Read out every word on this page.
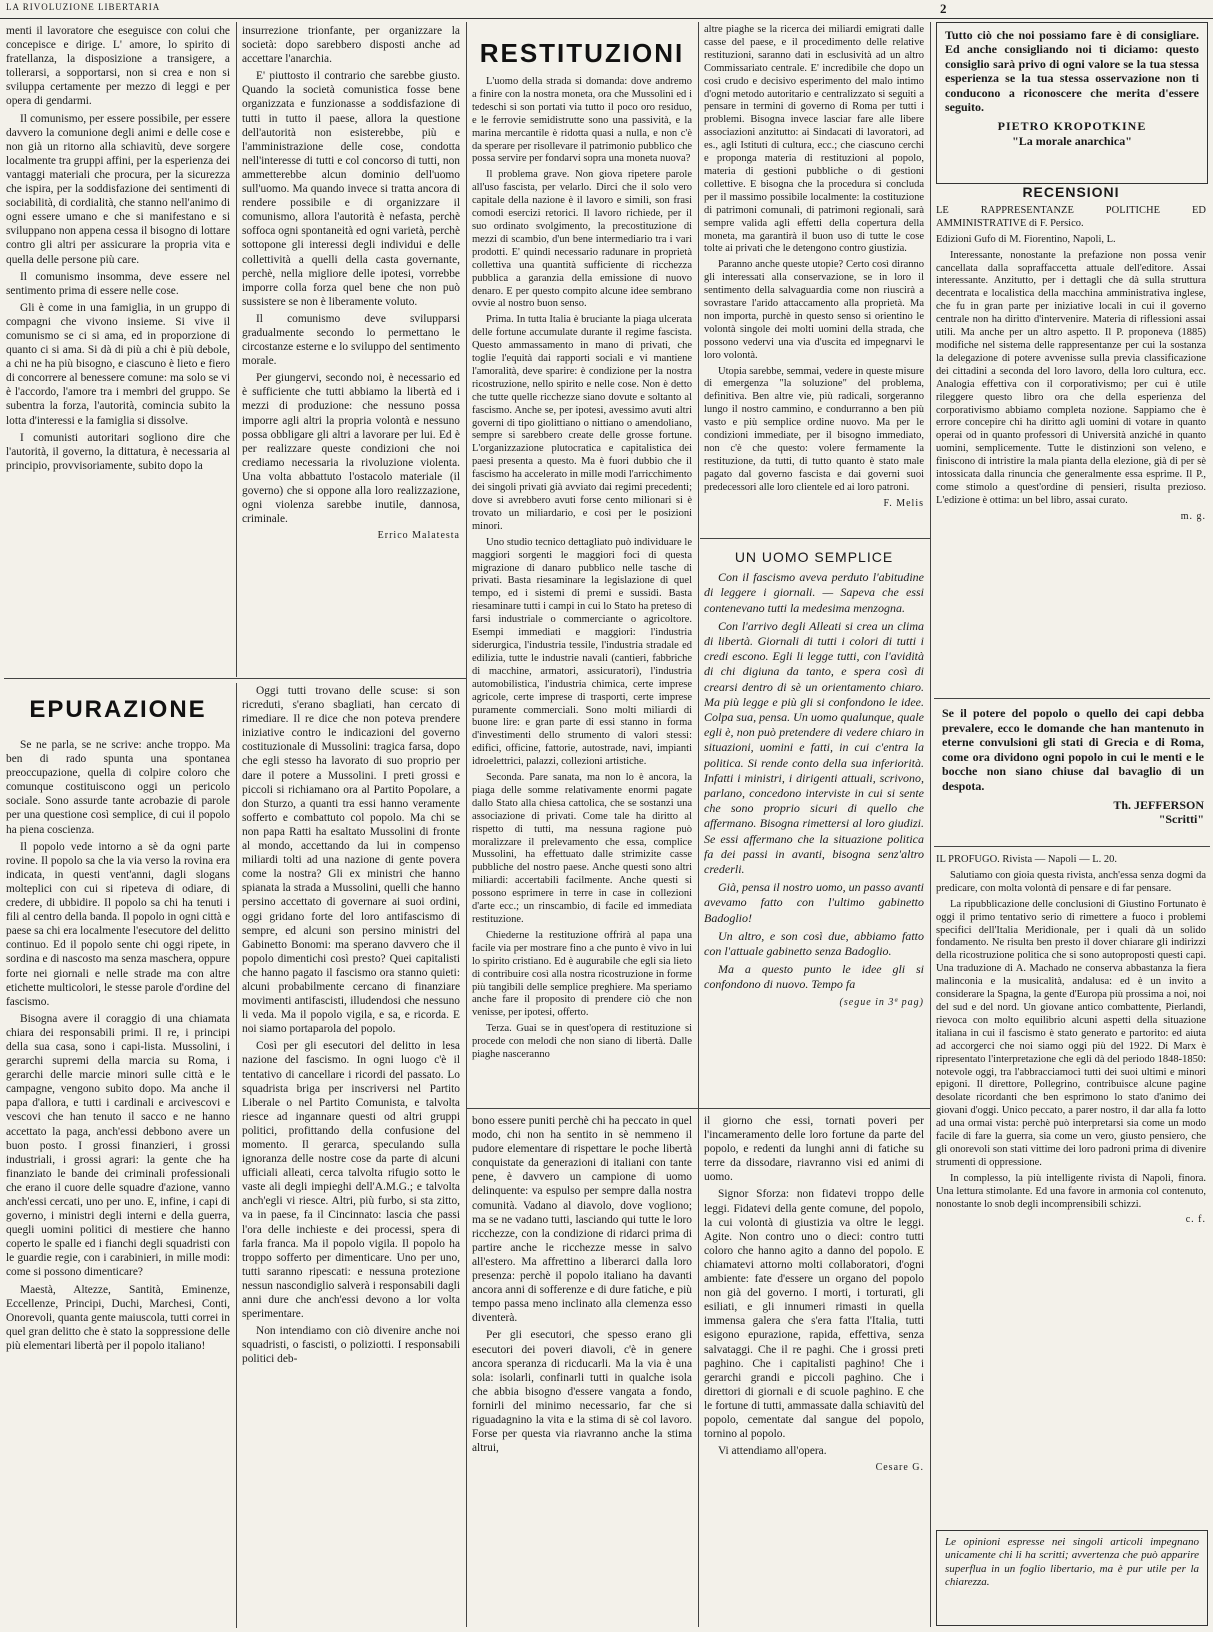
LA RIVOLUZIONE LIBERTARIA	2

menti il lavoratore che eseguisce con colui che concepisce e dirige. L' amore, lo spirito di fratellanza, la disposizione a transigere, a tollerarsi, a sopportarsi, non si crea e non si sviluppa certamente per mezzo di leggi e per opera di gendarmi.

Il comunismo, per essere possibile, per essere davvero la comunione degli animi e delle cose e non già un ritorno alla schiavitù, deve sorgere localmente tra gruppi affini, per la esperienza dei vantaggi materiali che procura, per la sicurezza che ispira, per la soddisfazione dei sentimenti di sociabilità, di cordialità, che stanno nell'animo di ogni essere umano e che si manifestano e si sviluppano non appena cessa il bisogno di lottare contro gli altri per assicurare la propria vita e quella delle persone più care.

Il comunismo insomma, deve essere nel sentimento prima di essere nelle cose.

Gli è come in una famiglia, in un gruppo di compagni che vivono insieme. Si vive il comunismo se ci si ama, ed in proporzione di quanto ci si ama. Si dà di più a chi è più debole, a chi ne ha più bisogno, e ciascuno è lieto e fiero di concorrere al benessere comune: ma solo se vi è l'accordo, l'amore tra i membri del gruppo. Se subentra la forza, l'autorità, comincia subito la lotta d'interessi e la famiglia si dissolve.

I comunisti autoritari sogliono dire che l'autorità, il governo, la dittatura, è necessaria al principio, provvisoriamente, subito dopo la

insurrezione trionfante, per organizzare la società: dopo sarebbero disposti anche ad accettare l'anarchia.

E' piuttosto il contrario che sarebbe giusto. Quando la società comunistica fosse bene organizzata e funzionasse a soddisfazione di tutti in tutto il paese, allora la questione dell'autorità non esisterebbe, più e l'amministrazione delle cose, condotta nell'interesse di tutti e col concorso di tutti, non ammetterebbe alcun dominio dell'uomo sull'uomo. Ma quando invece si tratta ancora di rendere possibile e di organizzare il comunismo, allora l'autorità è nefasta, perchè soffoca ogni spontaneità ed ogni varietà, perchè sottopone gli interessi degli individui e delle collettività a quelli della casta governante, perchè, nella migliore delle ipotesi, vorrebbe imporre colla forza quel bene che non può sussistere se non è liberamente voluto.

Il comunismo deve svilupparsi gradualmente secondo lo permettano le circostanze esterne e lo sviluppo del sentimento morale.

Per giungervi, secondo noi, è necessario ed è sufficiente che tutti abbiamo la libertà ed i mezzi di produzione: che nessuno possa imporre agli altri la propria volontà e nessuno possa obbligare gli altri a lavorare per lui. Ed è per realizzare queste condizioni che noi crediamo necessaria la rivoluzione violenta. Una volta abbattuto l'ostacolo materiale (il governo) che si oppone alla loro realizzazione, ogni violenza sarebbe inutile, dannosa, criminale.

Errico Malatesta
RESTITUZIONI

L'uomo della strada si domanda: dove andremo a finire con la nostra moneta, ora che Mussolini ed i tedeschi si son portati via tutto il poco oro residuo, e le ferrovie semidistrutte sono una passività, e la marina mercantile è ridotta quasi a nulla, e non c'è da sperare per risollevare il patrimonio pubblico che possa servire per fondarvi sopra una moneta nuova?

Il problema grave. Non giova ripetere parole all'uso fascista, per velarlo. Dirci che il solo vero capitale della nazione è il lavoro e simili, son frasi comodi esercizi retorici. Il lavoro richiede, per il suo ordinato svolgimento, la precostituzione di mezzi di scambio, d'un bene intermediario tra i vari prodotti. E' quindi necessario radunare in proprietà collettiva una quantità sufficiente di ricchezza pubblica a garanzia della emissione di nuovo denaro. E per questo compito alcune idee sembrano ovvie al nostro buon senso.

Prima. In tutta Italia è bruciante la piaga ulcerata delle fortune accumulate durante il regime fascista. Questo ammassamento in mano di privati, che toglie l'equità dai rapporti sociali e vi mantiene l'amoralità, deve sparire: è condizione per la nostra ricostruzione, nello spirito e nelle cose. Non è detto che tutte quelle ricchezze siano dovute e soltanto al fascismo. Anche se, per ipotesi, avessimo avuti altri governi di tipo giolittiano o nittiano o amendoliano, sempre si sarebbero create delle grosse fortune. L'organizzazione plutocratica e capitalistica dei paesi presenta a questo. Ma è fuori dubbio che il fascismo ha accelerato in mille modi l'arricchimento dei singoli privati già avviato dai regimi precedenti; dove si avrebbero avuti forse cento milionari si è trovato un miliardario, e così per le posizioni minori.

Uno studio tecnico dettagliato può individuare le maggiori sorgenti le maggiori foci di questa migrazione di danaro pubblico nelle tasche di privati. Basta riesaminare la legislazione di quel tempo, ed i sistemi di premi e sussidi. Basta riesaminare tutti i campi in cui lo Stato ha preteso di farsi industriale o commerciante o agricoltore. Esempi immediati e maggiori: l'industria siderurgica, l'industria tessile, l'industria stradale ed edilizia, tutte le industrie navali (cantieri, fabbriche di macchine, armatori, assicuratori), l'industria automobilistica, l'industria chimica, certe imprese agricole, certe imprese di trasporti, certe imprese puramente commerciali. Sono molti miliardi di buone lire: e gran parte di essi stanno in forma d'investimenti dello strumento di valori stessi: edifici, officine, fattorie, autostrade, navi, impianti idroelettrici, palazzi, collezioni artistiche.

Seconda. Pare sanata, ma non lo è ancora, la piaga delle somme relativamente enormi pagate dallo Stato alla chiesa cattolica, che se sostanzi una associazione di privati. Come tale ha diritto al rispetto di tutti, ma nessuna ragione può moralizzare il prelevamento che essa, complice Mussolini, ha effettuato dalle strimizite casse pubbliche del nostro paese. Anche questi sono altri miliardi: accertabili facilmente. Anche questi si possono esprimere in terre in case in collezioni d'arte ecc.; un rinscambio, di facile ed immediata restituzione.

Chiederne la restituzione offrirà al papa una facile via per mostrare fino a che punto è vivo in lui lo spirito cristiano. Ed è augurabile che egli sia lieto di contribuire così alla nostra ricostruzione in forme più tangibili delle semplice preghiere. Ma speriamo anche fare il proposito di prendere ciò che non venisse, per ipotesi, offerto.

Terza. Guai se in quest'opera di restituzione si procede con melodi che non siano di libertà. Dalle piaghe nasceranno

altre piaghe se la ricerca dei miliardi emigrati dalle casse del paese, e il procedimento delle relative restituzioni, saranno dati in esclusività ad un altro Commissariato centrale. E' incredibile che dopo un così crudo e decisivo esperimento del malo intimo d'ogni metodo autoritario e centralizzato si seguiti a pensare in termini di governo di Roma per tutti i problemi. Bisogna invece lasciar fare alle libere associazioni anzitutto: ai Sindacati di lavoratori, ad es., agli Istituti di cultura, ecc.; che ciascuno cerchi e proponga materia di restituzioni al popolo, materia di gestioni pubbliche o di gestioni collettive. E bisogna che la procedura si concluda per il massimo possibile localmente: la costituzione di patrimoni comunali, di patrimoni regionali, sarà sempre valida agli effetti della copertura della moneta, ma garantirà il buon uso di tutte le cose tolte ai privati che le detengono contro giustizia.

Paranno anche queste utopie? Certo così diranno gli interessati alla conservazione, se in loro il sentimento della salvaguardia come non riuscirà a sovrastare l'arido attaccamento alla proprietà. Ma non importa, purchè in questo senso si orientino le volontà singole dei molti uomini della strada, che possono vedervi una via d'uscita ed impegnarvi le loro volontà.

Utopia sarebbe, semmai, vedere in queste misure di emergenza "la soluzione" del problema, definitiva. Ben altre vie, più radicali, sorgeranno lungo il nostro cammino, e condurranno a ben più vasto e più semplice ordine nuovo. Ma per le condizioni immediate, per il bisogno immediato, non c'è che questo: volere fermamente la restituzione, da tutti, di tutto quanto è stato male pagato dal governo fascista e dai governi suoi predecessori alle loro clientele ed ai loro patroni.

F. Melis
UN UOMO SEMPLICE

Con il fascismo aveva perduto l'abitudine di leggere i giornali. — Sapeva che essi contenevano tutti la medesima menzogna.

Con l'arrivo degli Alleati si crea un clima di libertà. Giornali di tutti i colori di tutti i credi escono. Egli li legge tutti, con l'avidità di chi digiuna da tanto, e spera così di crearsi dentro di sè un orientamento chiaro. Ma più legge e più gli si confondono le idee. Colpa sua, pensa. Un uomo qualunque, quale egli è, non può pretendere di vedere chiaro in situazioni, uomini e fatti, in cui c'entra la politica. Si rende conto della sua inferiorità. Infatti i ministri, i dirigenti attuali, scrivono, parlano, concedono interviste in cui si sente che sono proprio sicuri di quello che affermano. Bisogna rimettersi al loro giudizi. Se essi affermano che la situazione politica fa dei passi in avanti, bisogna senz'altro crederli.

Già, pensa il nostro uomo, un passo avanti avevamo fatto con l'ultimo gabinetto Badoglio!

Un altro, e son così due, abbiamo fatto con l'attuale gabinetto senza Badoglio.

Ma a questo punto le idee gli si confondono di nuovo. Tempo fa

(segue in 3ª pag)
EPURAZIONE

Se ne parla, se ne scrive: anche troppo. Ma ben di rado spunta una spontanea preoccupazione, quella di colpire coloro che comunque costituiscono oggi un pericolo sociale. Sono assurde tante acrobazie di parole per una questione così semplice, di cui il popolo ha piena coscienza.

Il popolo vede intorno a sè da ogni parte rovine. Il popolo sa che la via verso la rovina era indicata, in questi vent'anni, dagli slogans molteplici con cui si ripeteva di odiare, di credere, di ubbidire. Il popolo sa chi ha tenuti i fili al centro della banda. Il popolo in ogni città e paese sa chi era localmente l'esecutore del delitto continuo. Ed il popolo sente chi oggi ripete, in sordina e di nascosto ma senza maschera, oppure forte nei giornali e nelle strade ma con altre etichette multicolori, le stesse parole d'ordine del fascismo.

Bisogna avere il coraggio di una chiamata chiara dei responsabili primi. Il re, i principi della sua casa, sono i capi-lista. Mussolini, i gerarchi supremi della marcia su Roma, i gerarchi delle marcie minori sulle città e le campagne, vengono subito dopo. Ma anche il papa d'allora, e tutti i cardinali e arcivescovi e vescovi che han tenuto il sacco e ne hanno accettato la paga, anch'essi debbono avere un buon posto. I grossi finanzieri, i grossi industriali, i grossi agrari: la gente che ha finanziato le bande dei criminali professionali che erano il cuore delle squadre d'azione, vanno anch'essi cercati, uno per uno. E, infine, i capi di governo, i ministri degli interni e della guerra, quegli uomini politici di mestiere che hanno coperto le spalle ed i fianchi degli squadristi con le guardie regie, con i carabinieri, in mille modi: come si possono dimenticare?

Maestà, Altezze, Santità, Eminenze, Eccellenze, Principi, Duchi, Marchesi, Conti, Onorevoli, quanta gente maiuscola, tutti correi in quel gran delitto che è stato la soppressione delle più elementari libertà per il popolo italiano!

Oggi tutti trovano delle scuse: si son ricreduti, s'erano sbagliati, han cercato di rimediare. Il re dice che non poteva prendere iniziative contro le indicazioni del governo costituzionale di Mussolini: tragica farsa, dopo che egli stesso ha lavorato di suo proprio per dare il potere a Mussolini. I preti grossi e piccoli si richiamano ora al Partito Popolare, a don Sturzo, a quanti tra essi hanno veramente sofferto e combattuto col popolo. Ma chi se non papa Ratti ha esaltato Mussolini di fronte al mondo, accettando da lui in compenso miliardi tolti ad una nazione di gente povera come la nostra? Gli ex ministri che hanno spianata la strada a Mussolini, quelli che hanno persino accettato di governare ai suoi ordini, oggi gridano forte del loro antifascismo di sempre, ed alcuni son persino ministri del Gabinetto Bonomi: ma sperano davvero che il popolo dimentichi così presto? Quei capitalisti che hanno pagato il fascismo ora stanno quieti: alcuni probabilmente cercano di finanziare movimenti antifascisti, illudendosi che nessuno li veda. Ma il popolo vigila, e sa, e ricorda. E noi siamo portaparola del popolo.

Così per gli esecutori del delitto in lesa nazione del fascismo. In ogni luogo c'è il tentativo di cancellare i ricordi del passato. Lo squadrista briga per inscriversi nel Partito Liberale o nel Partito Comunista, e talvolta riesce ad ingannare questi od altri gruppi politici, profittando della confusione del momento. Il gerarca, speculando sulla ignoranza delle nostre cose da parte di alcuni ufficiali alleati, cerca talvolta rifugio sotto le vaste ali degli impieghi dell'A.M.G.; e talvolta anch'egli vi riesce. Altri, più furbo, si sta zitto, va in paese, fa il Cincinnato: lascia che passi l'ora delle inchieste e dei processi, spera di farla franca. Ma il popolo vigila. Il popolo ha troppo sofferto per dimenticare. Uno per uno, tutti saranno ripescati: e nessuna protezione nessun nascondiglio salverà i responsabili dagli anni dure che anch'essi devono a lor volta sperimentare.

Non intendiamo con ciò divenire anche noi squadristi, o fascisti, o poliziotti. I responsabili politici deb-

bono essere puniti perchè chi ha peccato in quel modo, chi non ha sentito in sè nemmeno il pudore elementare di rispettare le poche libertà conquistate da generazioni di italiani con tante pene, è davvero un campione di uomo delinquente: va espulso per sempre dalla nostra comunità. Vadano al diavolo, dove vogliono; ma se ne vadano tutti, lasciando qui tutte le loro ricchezze, con la condizione di ridarci prima di partire anche le ricchezze messe in salvo all'estero. Ma affrettino a liberarci dalla loro presenza: perchè il popolo italiano ha davanti ancora anni di sofferenze e di dure fatiche, e più tempo passa meno inclinato alla clemenza esso diventerà.

Per gli esecutori, che spesso erano gli esecutori dei poveri diavoli, c'è in genere ancora speranza di ricducarli. Ma la via è una sola: isolarli, confinarli tutti in qualche isola che abbia bisogno d'essere vangata a fondo, fornirli del minimo necessario, far che si riguadagnino la vita e la stima di sè col lavoro. Forse per questa via riavranno anche la stima altrui,

il giorno che essi, tornati poveri per l'incameramento delle loro fortune da parte del popolo, e redenti da lunghi anni di fatiche su terre da dissodare, riavranno visi ed animi di uomo.

Signor Sforza: non fidatevi troppo delle leggi. Fidatevi della gente comune, del popolo, la cui volontà di giustizia va oltre le leggi. Agite. Non contro uno o dieci: contro tutti coloro che hanno agito a danno del popolo. E chiamatevi attorno molti collaboratori, d'ogni ambiente: fate d'essere un organo del popolo non già del governo. I morti, i torturati, gli esiliati, e gli innumeri rimasti in quella immensa galera che s'era fatta l'Italia, tutti esigono epurazione, rapida, effettiva, senza salvataggi. Che il re paghi. Che i grossi preti paghino. Che i capitalisti paghino! Che i gerarchi grandi e piccoli paghino. Che i direttori di giornali e di scuole paghino. E che le fortune di tutti, ammassate dalla schiavitù del popolo, cementate dal sangue del popolo, tornino al popolo.

Vi attendiamo all'opera.

Cesare G.
Tutto ciò che noi possiamo fare è di consigliare. Ed anche consigliando noi ti diciamo: questo consiglio sarà privo di ogni valore se la tua stessa esperienza se la tua stessa osservazione non ti conducono a riconoscere che merita d'essere seguito.
PIETRO KROPOTKINE
"La morale anarchica"
RECENSIONI

LE RAPPRESENTANZE POLITICHE ED AMMINISTRATIVE di F. Persico.

Edizioni Gufo di M. Fiorentino, Napoli, L.

Interessante, nonostante la prefazione non possa venir cancellata dalla sopraffaccetta attuale dell'editore. Assai interessante. Anzitutto, per i dettagli che dà sulla struttura decentrata e localistica della macchina amministrativa inglese, che fu in gran parte per iniziative locali in cui il governo centrale non ha diritto d'intervenire. Materia di riflessioni assai utili. Ma anche per un altro aspetto. Il P. proponeva (1885) modifiche nel sistema delle rappresentanze per cui la sostanza la delegazione di potere avvenisse sulla previa classificazione dei cittadini a seconda del loro lavoro, della loro cultura, ecc. Analogia effettiva con il corporativismo; per cui è utile rileggere questo libro ora che della esperienza del corporativismo abbiamo completa nozione. Sappiamo che è errore concepire chi ha diritto agli uomini di votare in quanto operai od in quanto professori di Università anziché in quanto uomini, semplicemente. Tutte le distinzioni son veleno, e finiscono di intristire la mala pianta della elezione, già di per sè intossicata dalla rinuncia che generalmente essa esprime. Il P., come stimolo a quest'ordine di pensieri, risulta prezioso. L'edizione è ottima: un bel libro, assai curato.

m. g.
Se il potere del popolo o quello dei capi debba prevalere, ecco le domande che han mantenuto in eterne convulsioni gli stati di Grecia e di Roma, come ora dividono ogni popolo in cui le menti e le bocche non siano chiuse dal bavaglio di un despota.
Th. JEFFERSON
"Scritti"

IL PROFUGO. Rivista — Napoli — L. 20.

Salutiamo con gioia questa rivista, anch'essa senza dogmi da predicare, con molta volontà di pensare e di far pensare.

La ripubblicazione delle conclusioni di Giustino Fortunato è oggi il primo tentativo serio di rimettere a fuoco i problemi specifici dell'Italia Meridionale, per i quali dà un solido fondamento. Ne risulta ben presto il dover chiarare gli indirizzi della ricostruzione politica che si sono autoproposti questi capi. Una traduzione di A. Machado ne conserva abbastanza la fiera malinconia e la musicalità, andalusa: ed è un invito a considerare la Spagna, la gente d'Europa più prossima a noi, noi del sud e del nord. Un giovane antico combattente, Pierlandi, rievoca con molto equilibrio alcuni aspetti della situazione italiana in cui il fascismo è stato generato e partorito: ed aiuta ad accorgerci che noi siamo oggi più del 1922. Di Marx è ripresentato l'interpretazione che egli dà del periodo 1848-1850: notevole oggi, tra l'abbracciamoci tutti dei suoi ultimi e minori epigoni. Il direttore, Pollegrino, contribuisce alcune pagine desolate ricordanti che ben esprimono lo stato d'animo dei giovani d'oggi. Unico peccato, a parer nostro, il dar alla fa lotto ad una ormai vista: perchè può interpretarsi sia come un modo facile di fare la guerra, sia come un vero, giusto pensiero, che gli onorevoli son stati vittime dei loro padroni prima di divenire strumenti di oppressione.

In complesso, la più intelligente rivista di Napoli, finora. Una lettura stimolante. Ed una favore in armonia col contenuto, nonostante lo snob degli incomprensibili schizzi.

c. f.
Le opinioni espresse nei singoli articoli impegnano unicamente chi li ha scritti; avvertenza che può apparire superflua in un foglio libertario, ma è pur utile per la chiarezza.
